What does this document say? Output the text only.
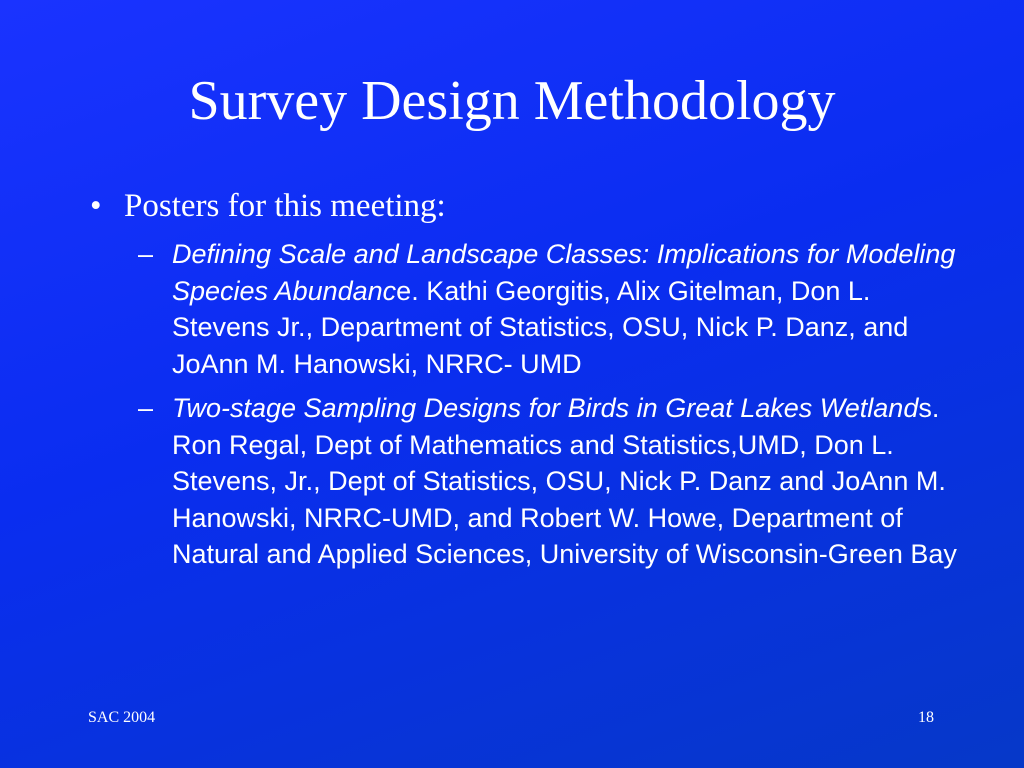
Survey Design Methodology
• Posters for this meeting:
– Defining Scale and Landscape Classes: Implications for Modeling Species Abundance. Kathi Georgitis, Alix Gitelman, Don L. Stevens Jr., Department of Statistics, OSU, Nick P. Danz, and JoAnn M. Hanowski, NRRC- UMD
– Two-stage Sampling Designs for Birds in Great Lakes Wetlands. Ron Regal, Dept of Mathematics and Statistics,UMD, Don L. Stevens, Jr., Dept of Statistics, OSU, Nick P. Danz and JoAnn M. Hanowski, NRRC-UMD, and Robert W. Howe, Department of Natural and Applied Sciences, University of Wisconsin-Green Bay
SAC 2004	18
